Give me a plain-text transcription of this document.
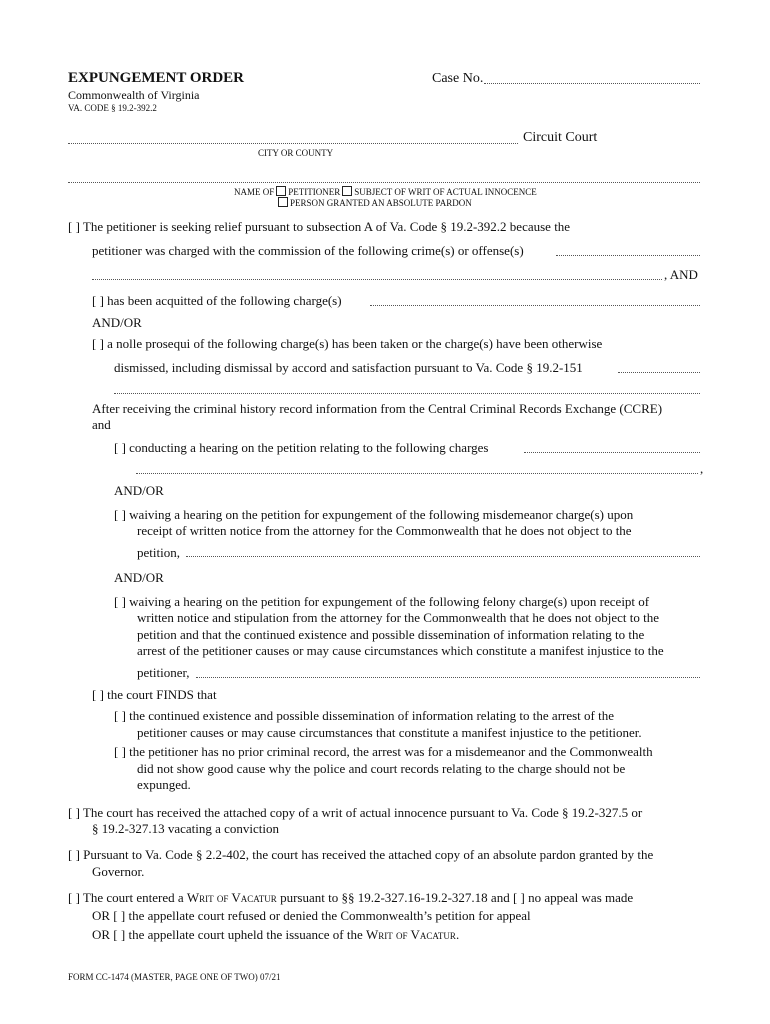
EXPUNGEMENT ORDER
Commonwealth of Virginia
VA. CODE § 19.2-392.2
Case No.
Circuit Court
CITY OR COUNTY
NAME OF PETITIONER SUBJECT OF WRIT OF ACTUAL INNOCENCE
PERSON GRANTED AN ABSOLUTE PARDON
[ ] The petitioner is seeking relief pursuant to subsection A of Va. Code § 19.2-392.2 because the
petitioner was charged with the commission of the following crime(s) or offense(s)
, AND
[ ] has been acquitted of the following charge(s)
AND/OR
[ ] a nolle prosequi of the following charge(s) has been taken or the charge(s) have been otherwise
dismissed, including dismissal by accord and satisfaction pursuant to Va. Code § 19.2-151
After receiving the criminal history record information from the Central Criminal Records Exchange (CCRE)
and
[ ] conducting a hearing on the petition relating to the following charges
,
AND/OR
[ ] waiving a hearing on the petition for expungement of the following misdemeanor charge(s) upon
receipt of written notice from the attorney for the Commonwealth that he does not object to the
petition,
AND/OR
[ ] waiving a hearing on the petition for expungement of the following felony charge(s) upon receipt of
written notice and stipulation from the attorney for the Commonwealth that he does not object to the
petition and that the continued existence and possible dissemination of information relating to the
arrest of the petitioner causes or may cause circumstances which constitute a manifest injustice to the
petitioner,
[ ] the court FINDS that
[ ] the continued existence and possible dissemination of information relating to the arrest of the
petitioner causes or may cause circumstances that constitute a manifest injustice to the petitioner.
[ ] the petitioner has no prior criminal record, the arrest was for a misdemeanor and the Commonwealth
did not show good cause why the police and court records relating to the charge should not be
expunged.
[ ] The court has received the attached copy of a writ of actual innocence pursuant to Va. Code § 19.2-327.5 or
§ 19.2-327.13 vacating a conviction
[ ] Pursuant to Va. Code § 2.2-402, the court has received the attached copy of an absolute pardon granted by the
Governor.
[ ] The court entered a Writ of Vacatur pursuant to §§ 19.2-327.16-19.2-327.18 and [ ] no appeal was made
OR [ ] the appellate court refused or denied the Commonwealth’s petition for appeal
OR [ ] the appellate court upheld the issuance of the Writ of Vacatur.
FORM CC-1474 (MASTER, PAGE ONE OF TWO) 07/21
